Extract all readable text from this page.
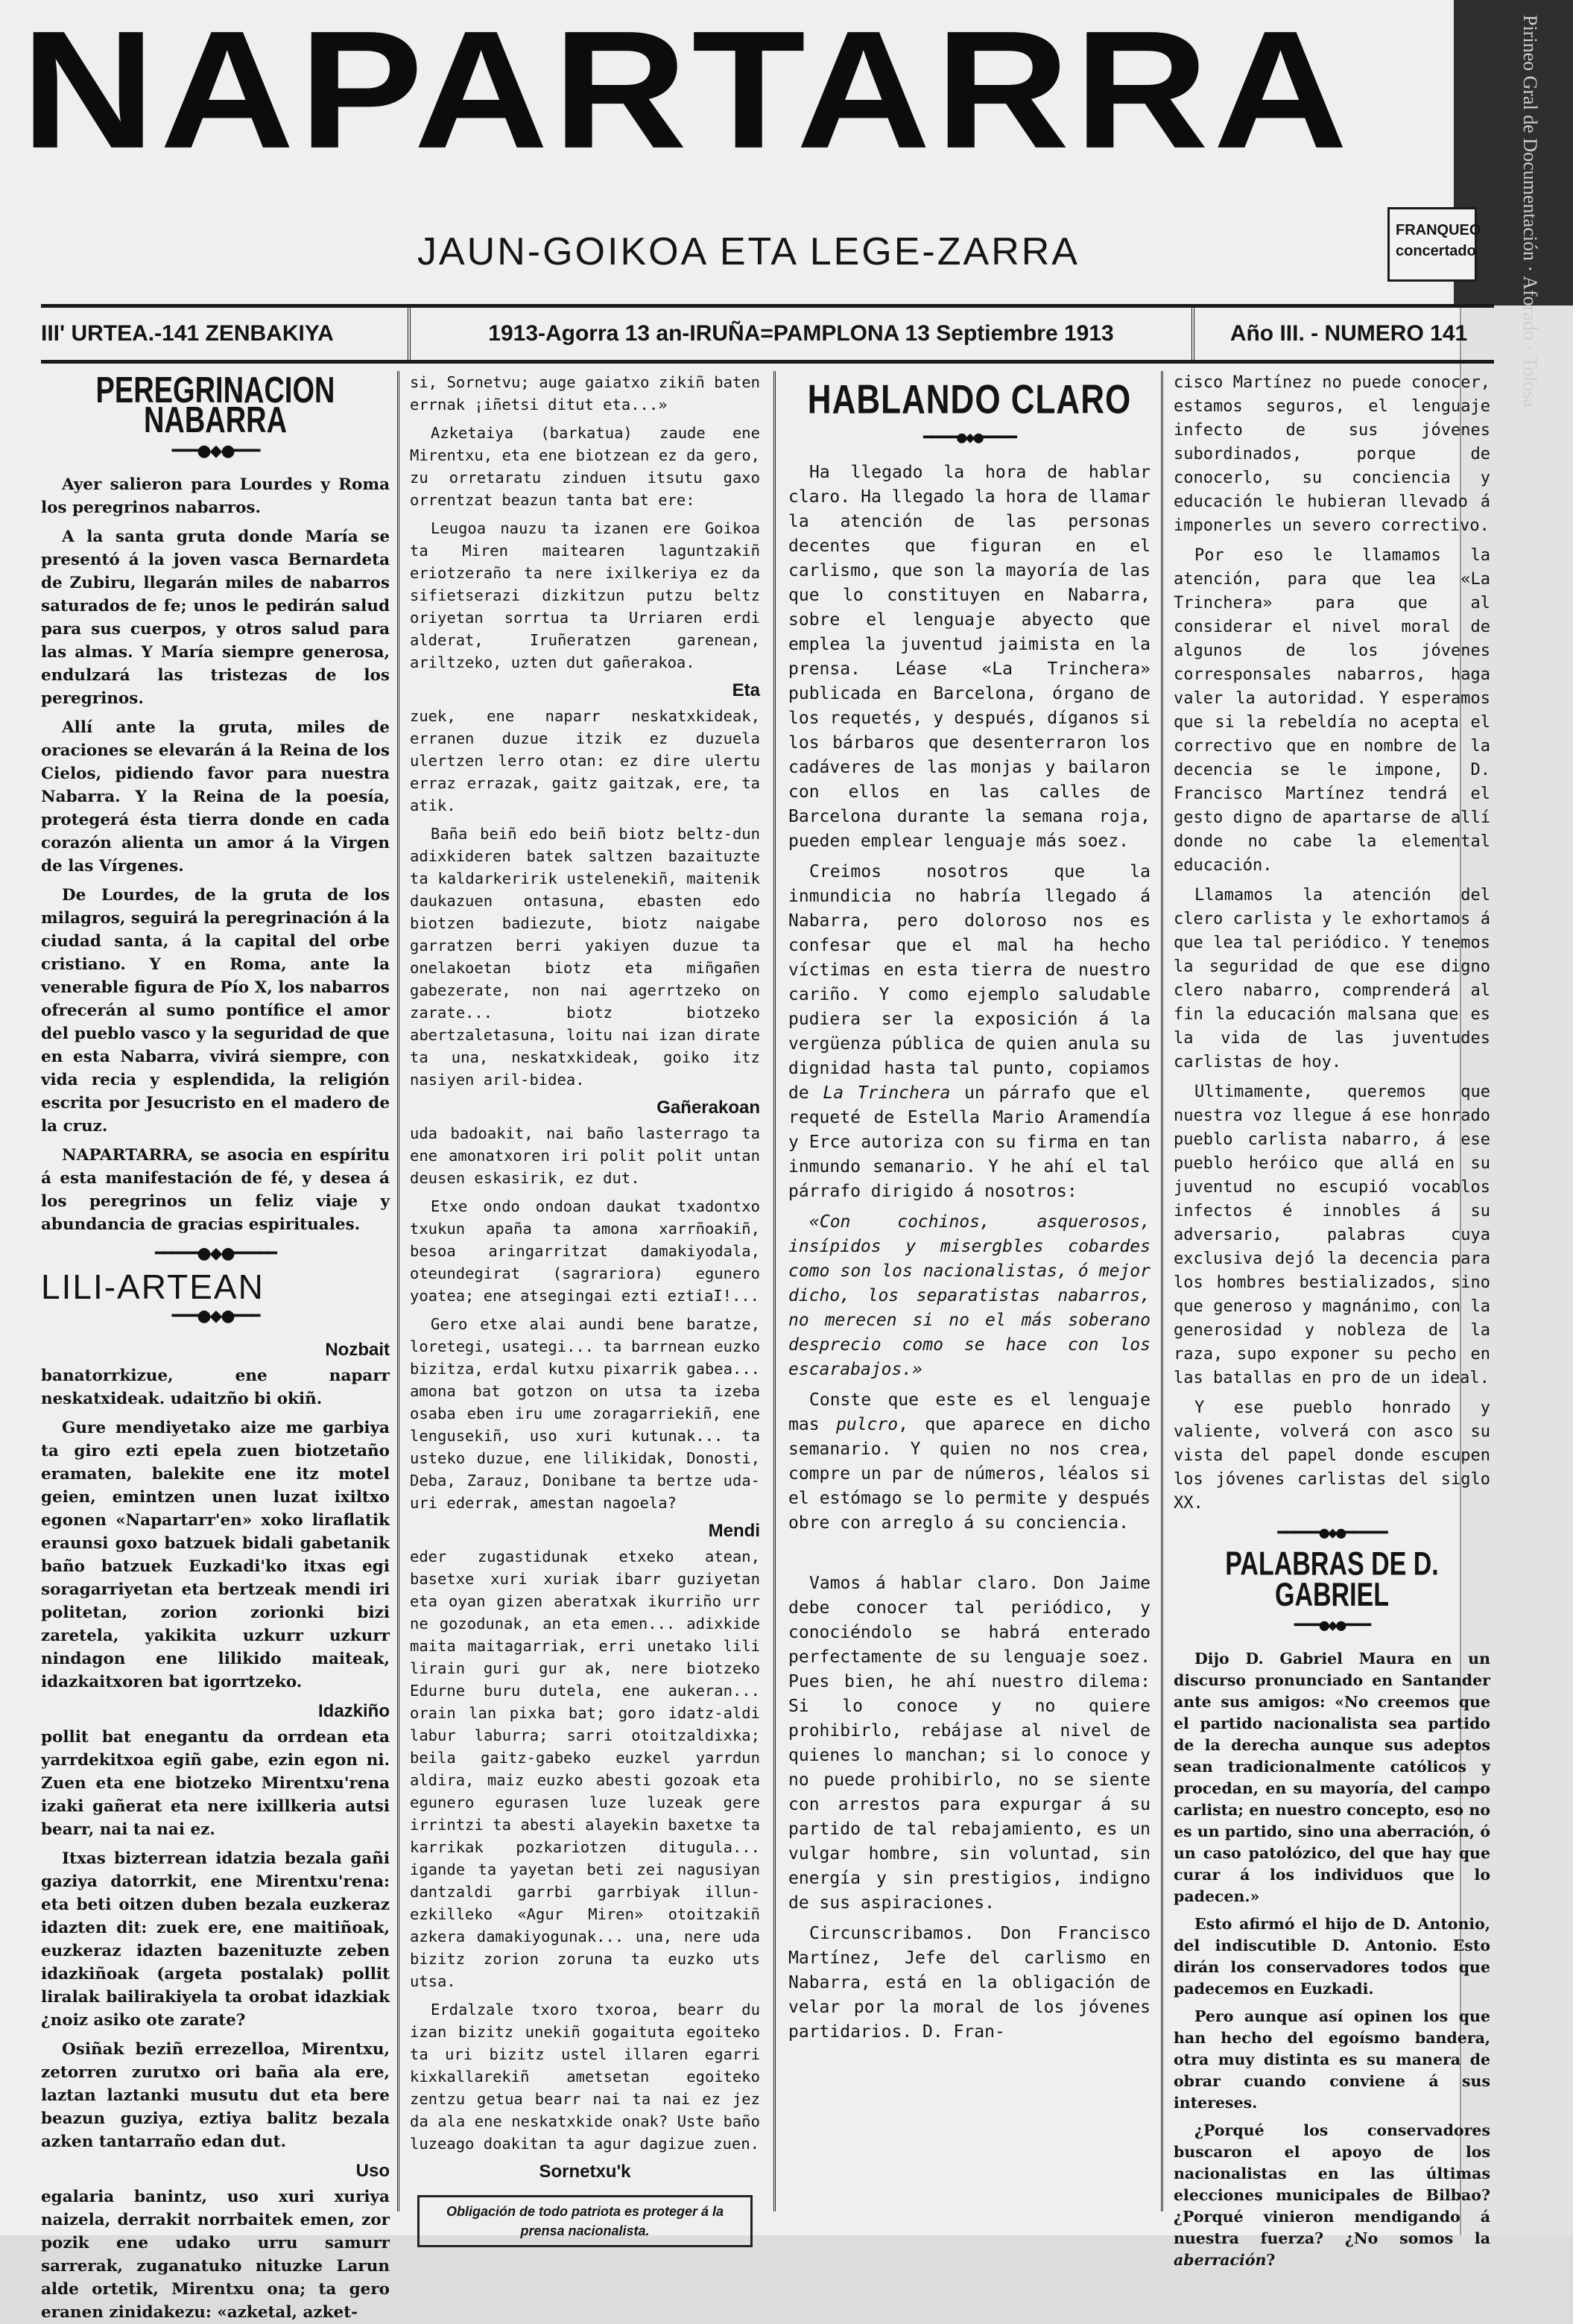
Pirineo Gral de Documentación · Aforado · Tolosa
NAPARTARRA
JAUN-GOIKOA ETA LEGE-ZARRA	FRANQUEO concertado
III' URTEA.-141 ZENBAKIYA	1913-Agorra 13 an-IRUÑA=PAMPLONA 13 Septiembre 1913	Año III. - NUMERO 141
PEREGRINACION NABARRA
━━━●◆●━━━

Ayer salieron para Lourdes y Roma los peregrinos nabarros.

A la santa gruta donde María se presentó á la joven vasca Bernardeta de Zubiru, llegarán miles de nabarros saturados de fe; unos le pedirán salud para sus cuerpos, y otros salud para las almas. Y María siempre generosa, endulzará las tristezas de los peregrinos.

Allí ante la gruta, miles de oraciones se elevarán á la Reina de los Cielos, pidiendo favor para nuestra Nabarra. Y la Reina de la poesía, protegerá ésta tierra donde en cada corazón alienta un amor á la Virgen de las Vírgenes.

De Lourdes, de la gruta de los milagros, seguirá la peregrinación á la ciudad santa, á la capital del orbe cristiano. Y en Roma, ante la venerable figura de Pío X, los nabarros ofrecerán al sumo pontífice el amor del pueblo vasco y la seguridad de que en esta Nabarra, vivirá siempre, con vida recia y esplendida, la religión escrita por Jesucristo en el madero de la cruz.

NAPARTARRA, se asocia en espíritu á esta manifestación de fé, y desea á los peregrinos un feliz viaje y abundancia de gracias espirituales.

━━━━━●◆●━━━━━
LILI-ARTEAN
━━━●◆●━━━
Nozbait

banatorrkizue, ene naparr neskatxideak. udaitzño bi okiñ.

Gure mendiyetako aize me garbiya ta giro ezti epela zuen biotzetaño eramaten, balekite ene itz motel geien, emintzen unen luzat ixiltxo egonen «Napartarr'en» xoko liraflatik eraunsi goxo batzuek bidali gabetanik baño batzuek Euzkadi'ko itxas egi soragarriyetan eta bertzeak mendi iri politetan, zorion zorionki bizi zaretela, yakikita uzkurr uzkurr nindagon ene lilikido maiteak, idazkaitxoren bat igorrtzeko.

Idazkiño

pollit bat enegantu da orrdean eta yarrdekitxoa egiñ gabe, ezin egon ni. Zuen eta ene biotzeko Mirentxu'rena izaki gañerat eta nere ixillkeria autsi bearr, nai ta nai ez.

Itxas bizterrean idatzia bezala gañi gaziya datorrkit, ene Mirentxu'rena: eta beti oitzen duben bezala euzkeraz idazten dit: zuek ere, ene maitiñoak, euzkeraz idazten bazenituzte zeben idazkiñoak (argeta postalak) pollit liralak bailirakiyela ta orobat idazkiak ¿noiz asiko ote zarate?

Osiñak beziñ errezelloa, Mirentxu, zetorren zurutxo ori baña ala ere, laztan laztanki musutu dut eta bere beazun guziya, eztiya balitz bezala azken tantarraño edan dut.

Uso

egalaria banintz, uso xuri xuriya naizela, derrakit norrbaitek emen, zor pozik ene udako urru samurr sarrerak, zuganatuko nituzke Larun alde ortetik, Mirentxu ona; ta gero eranen zinidakezu: «azketal, azket-

si, Sornetvu; auge gaiatxo zikiñ baten errnak ¡iñetsi ditut eta...»

Azketaiya (barkatua) zaude ene Mirentxu, eta ene biotzean ez da gero, zu orretaratu zinduen itsutu gaxo orrentzat beazun tanta bat ere:

Leugoa nauzu ta izanen ere Goikoa ta Miren maitearen laguntzakiñ eriotzeraño ta nere ixilkeriya ez da sifietserazi dizkitzun putzu beltz oriyetan sorrtua ta Urriaren erdi alderat, Iruñeratzen garenean, ariltzeko, uzten dut gañerakoa.

Eta

zuek, ene naparr neskatxkideak, erranen duzue itzik ez duzuela ulertzen lerro otan: ez dire ulertu erraz errazak, gaitz gaitzak, ere, ta atik.

Baña beiñ edo beiñ biotz beltz-dun adixkideren batek saltzen bazaituzte ta kaldarkeririk ustelenekiñ, maitenik daukazuen ontasuna, ebasten edo biotzen badiezute, biotz naigabe garratzen berri yakiyen duzue ta onelakoetan biotz eta miñgañen gabezerate, non nai agerrtzeko on zarate... biotz biotzeko abertzaletasuna, loitu nai izan dirate ta una, neskatxkideak, goiko itz nasiyen aril-bidea.

Gañerakoan

uda badoakit, nai baño lasterrago ta ene amonatxoren iri polit polit untan deusen eskasirik, ez dut.

Etxe ondo ondoan daukat txadontxo txukun apaña ta amona xarrñoakiñ, besoa aringarritzat damakiyodala, oteundegirat (sagrariora) egunero yoatea; ene atsegingai ezti eztiaI!...

Gero etxe alai aundi bene baratze, loretegi, usategi... ta barrnean euzko bizitza, erdal kutxu pixarrik gabea... amona bat gotzon on utsa ta izeba osaba eben iru ume zoragarriekiñ, ene lengusekiñ, uso xuri kutunak... ta usteko duzue, ene lilikidak, Donosti, Deba, Zarauz, Donibane ta bertze uda-uri ederrak, amestan nagoela?

Mendi

eder zugastidunak etxeko atean, basetxe xuri xuriak ibarr guziyetan eta oyan gizen aberatxak ikurriño urr ne gozodunak, an eta emen... adixkide maita maitagarriak, erri unetako lili lirain guri gur ak, nere biotzeko Edurne buru dutela, ene aukeran... orain lan pixka bat; goro idatz-aldi labur laburra; sarri otoitzaldixka; beila gaitz-gabeko euzkel yarrdun aldira, maiz euzko abesti gozoak eta egunero egurasen luze luzeak gere irrintzi ta abesti alayekin baxetxe ta karrikak pozkariotzen ditugula... igande ta yayetan beti zei nagusiyan dantzaldi garrbi garrbiyak illun-ezkilleko «Agur Miren» otoitzakiñ azkera damakiyogunak... una, nere uda bizitz zorion zoruna ta euzko uts utsa.

Erdalzale txoro txoroa, bearr du izan bizitz unekiñ gogaituta egoiteko ta uri bizitz ustel illaren egarri kixkallarekiñ ametsetan egoiteko zentzu getua bearr nai ta nai ez jez da ala ene neskatxkide onak? Uste baño luzeago doakitan ta agur dagizue zuen.

Sornetxu'k
Obligación de todo patriota es proteger á la prensa nacionalista.
HABLANDO CLARO
━━━━●◆●━━━━

Ha llegado la hora de hablar claro. Ha llegado la hora de llamar la atención de las personas decentes que figuran en el carlismo, que son la mayoría de las que lo constituyen en Nabarra, sobre el lenguaje abyecto que emplea la juventud jaimista en la prensa. Léase «La Trinchera» publicada en Barcelona, órgano de los requetés, y después, díganos si los bárbaros que desenterraron los cadáveres de las monjas y bailaron con ellos en las calles de Barcelona durante la semana roja, pueden emplear lenguaje más soez.

Creimos nosotros que la inmundicia no habría llegado á Nabarra, pero doloroso nos es confesar que el mal ha hecho víctimas en esta tierra de nuestro cariño. Y como ejemplo saludable pudiera ser la exposición á la vergüenza pública de quien anula su dignidad hasta tal punto, copiamos de La Trinchera un párrafo que el requeté de Estella Mario Aramendía y Erce autoriza con su firma en tan inmundo semanario. Y he ahí el tal párrafo dirigido á nosotros:

«Con cochinos, asquerosos, insípidos y misergbles cobardes como son los nacionalistas, ó mejor dicho, los separatistas nabarros, no merecen si no el más soberano desprecio como se hace con los escarabajos.»

Conste que este es el lenguaje mas pulcro, que aparece en dicho semanario. Y quien no nos crea, compre un par de números, léalos si el estómago se lo permite y después obre con arreglo á su conciencia.

Vamos á hablar claro. Don Jaime debe conocer tal periódico, y conociéndolo se habrá enterado perfectamente de su lenguaje soez. Pues bien, he ahí nuestro dilema: Si lo conoce y no quiere prohibirlo, rebájase al nivel de quienes lo manchan; si lo conoce y no puede prohibirlo, no se siente con arrestos para expurgar á su partido de tal rebajamiento, es un vulgar hombre, sin voluntad, sin energía y sin prestigios, indigno de sus aspiraciones.

Circunscribamos. Don Francisco Martínez, Jefe del carlismo en Nabarra, está en la obligación de velar por la moral de los jóvenes partidarios. D. Fran-

cisco Martínez no puede conocer, estamos seguros, el lenguaje infecto de sus jóvenes subordinados, porque de conocerlo, su conciencia y educación le hubieran llevado á imponerles un severo correctivo.

Por eso le llamamos la atención, para que lea «La Trinchera» para que al considerar el nivel moral de algunos de los jóvenes corresponsales nabarros, haga valer la autoridad. Y esperamos que si la rebeldía no acepta el correctivo que en nombre de la decencia se le impone, D. Francisco Martínez tendrá el gesto digno de apartarse de allí donde no cabe la elemental educación.

Llamamos la atención del clero carlista y le exhortamos á que lea tal periódico. Y tenemos la seguridad de que ese digno clero nabarro, comprenderá al fin la educación malsana que es la vida de las juventudes carlistas de hoy.

Ultimamente, queremos que nuestra voz llegue á ese honrado pueblo carlista nabarro, á ese pueblo heróico que allá en su juventud no escupió vocablos infectos é innobles á su adversario, palabras cuya exclusiva dejó la decencia para los hombres bestializados, sino que generoso y magnánimo, con la generosidad y nobleza de la raza, supo exponer su pecho en las batallas en pro de un ideal.

Y ese pueblo honrado y valiente, volverá con asco su vista del papel donde escupen los jóvenes carlistas del siglo XX.

━━━━━●◆●━━━━━
PALABRAS DE D. GABRIEL
━━━●◆●━━━

Dijo D. Gabriel Maura en un discurso pronunciado en Santander ante sus amigos: «No creemos que el partido nacionalista sea partido de la derecha aunque sus adeptos sean tradicionalmente católicos y procedan, en su mayoría, del campo carlista; en nuestro concepto, eso no es un partido, sino una aberración, ó un caso patolózico, del que hay que curar á los individuos que lo padecen.»

Esto afirmó el hijo de D. Antonio, del indiscutible D. Antonio. Esto dirán los conservadores todos que padecemos en Euzkadi.

Pero aunque así opinen los que han hecho del egoísmo bandera, otra muy distinta es su manera de obrar cuando conviene á sus intereses.

¿Porqué los conservadores buscaron el apoyo de los nacionalistas en las últimas elecciones municipales de Bilbao? ¿Porqué vinieron mendigando á nuestra fuerza? ¿No somos la aberración?
